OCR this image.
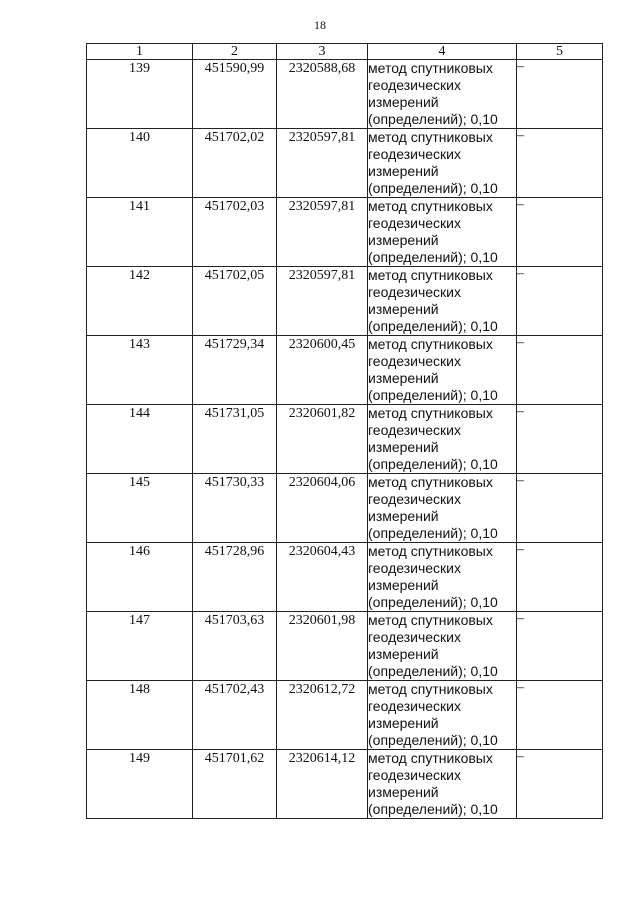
18
1	2	3	4	5
139	451590,99	2320588,68	метод спутниковых
геодезических
измерений
(определений); 0,10	–
140	451702,02	2320597,81	метод спутниковых
геодезических
измерений
(определений); 0,10	–
141	451702,03	2320597,81	метод спутниковых
геодезических
измерений
(определений); 0,10	–
142	451702,05	2320597,81	метод спутниковых
геодезических
измерений
(определений); 0,10	–
143	451729,34	2320600,45	метод спутниковых
геодезических
измерений
(определений); 0,10	–
144	451731,05	2320601,82	метод спутниковых
геодезических
измерений
(определений); 0,10	–
145	451730,33	2320604,06	метод спутниковых
геодезических
измерений
(определений); 0,10	–
146	451728,96	2320604,43	метод спутниковых
геодезических
измерений
(определений); 0,10	–
147	451703,63	2320601,98	метод спутниковых
геодезических
измерений
(определений); 0,10	–
148	451702,43	2320612,72	метод спутниковых
геодезических
измерений
(определений); 0,10	–
149	451701,62	2320614,12	метод спутниковых
геодезических
измерений
(определений); 0,10	–
